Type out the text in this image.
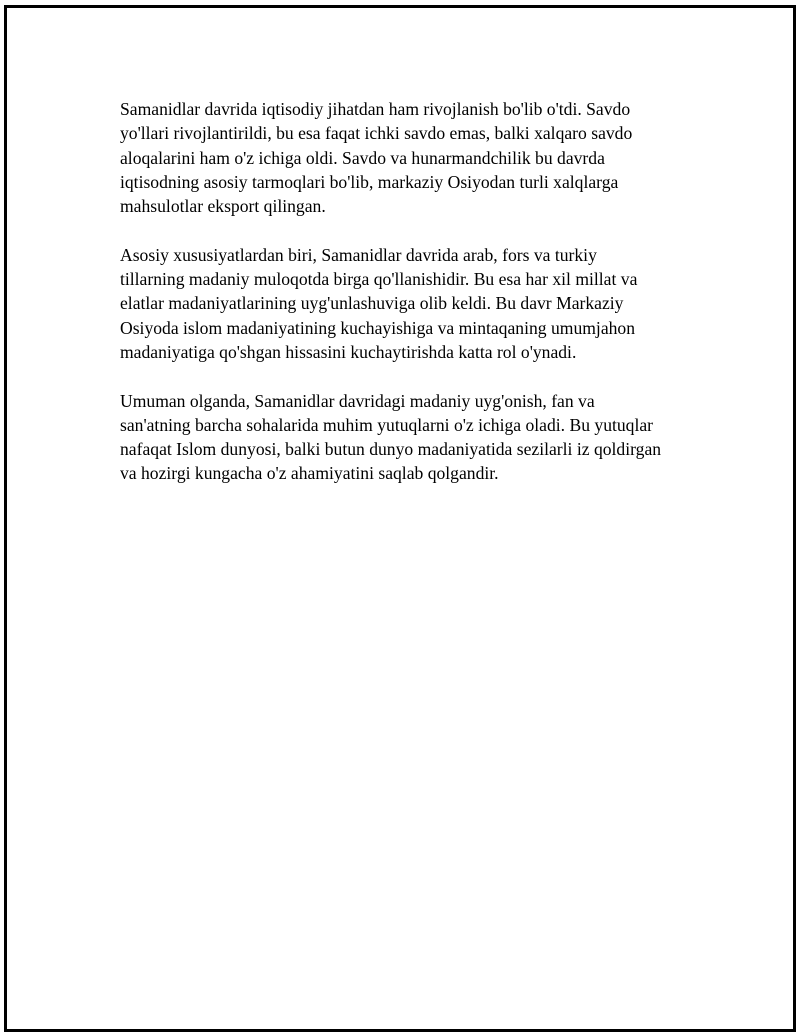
Samanidlar davrida iqtisodiy jihatdan ham rivojlanish bo'lib o'tdi. Savdo
yo'llari rivojlantirildi, bu esa faqat ichki savdo emas, balki xalqaro savdo
aloqalarini ham o'z ichiga oldi. Savdo va hunarmandchilik bu davrda
iqtisodning asosiy tarmoqlari bo'lib, markaziy Osiyodan turli xalqlarga
mahsulotlar eksport qilingan.

Asosiy xususiyatlardan biri, Samanidlar davrida arab, fors va turkiy
tillarning madaniy muloqotda birga qo'llanishidir. Bu esa har xil millat va
elatlar madaniyatlarining uyg'unlashuviga olib keldi. Bu davr Markaziy
Osiyoda islom madaniyatining kuchayishiga va mintaqaning umumjahon
madaniyatiga qo'shgan hissasini kuchaytirishda katta rol o'ynadi.

Umuman olganda, Samanidlar davridagi madaniy uyg'onish, fan va
san'atning barcha sohalarida muhim yutuqlarni o'z ichiga oladi. Bu yutuqlar
nafaqat Islom dunyosi, balki butun dunyo madaniyatida sezilarli iz qoldirgan
va hozirgi kungacha o'z ahamiyatini saqlab qolgandir.
